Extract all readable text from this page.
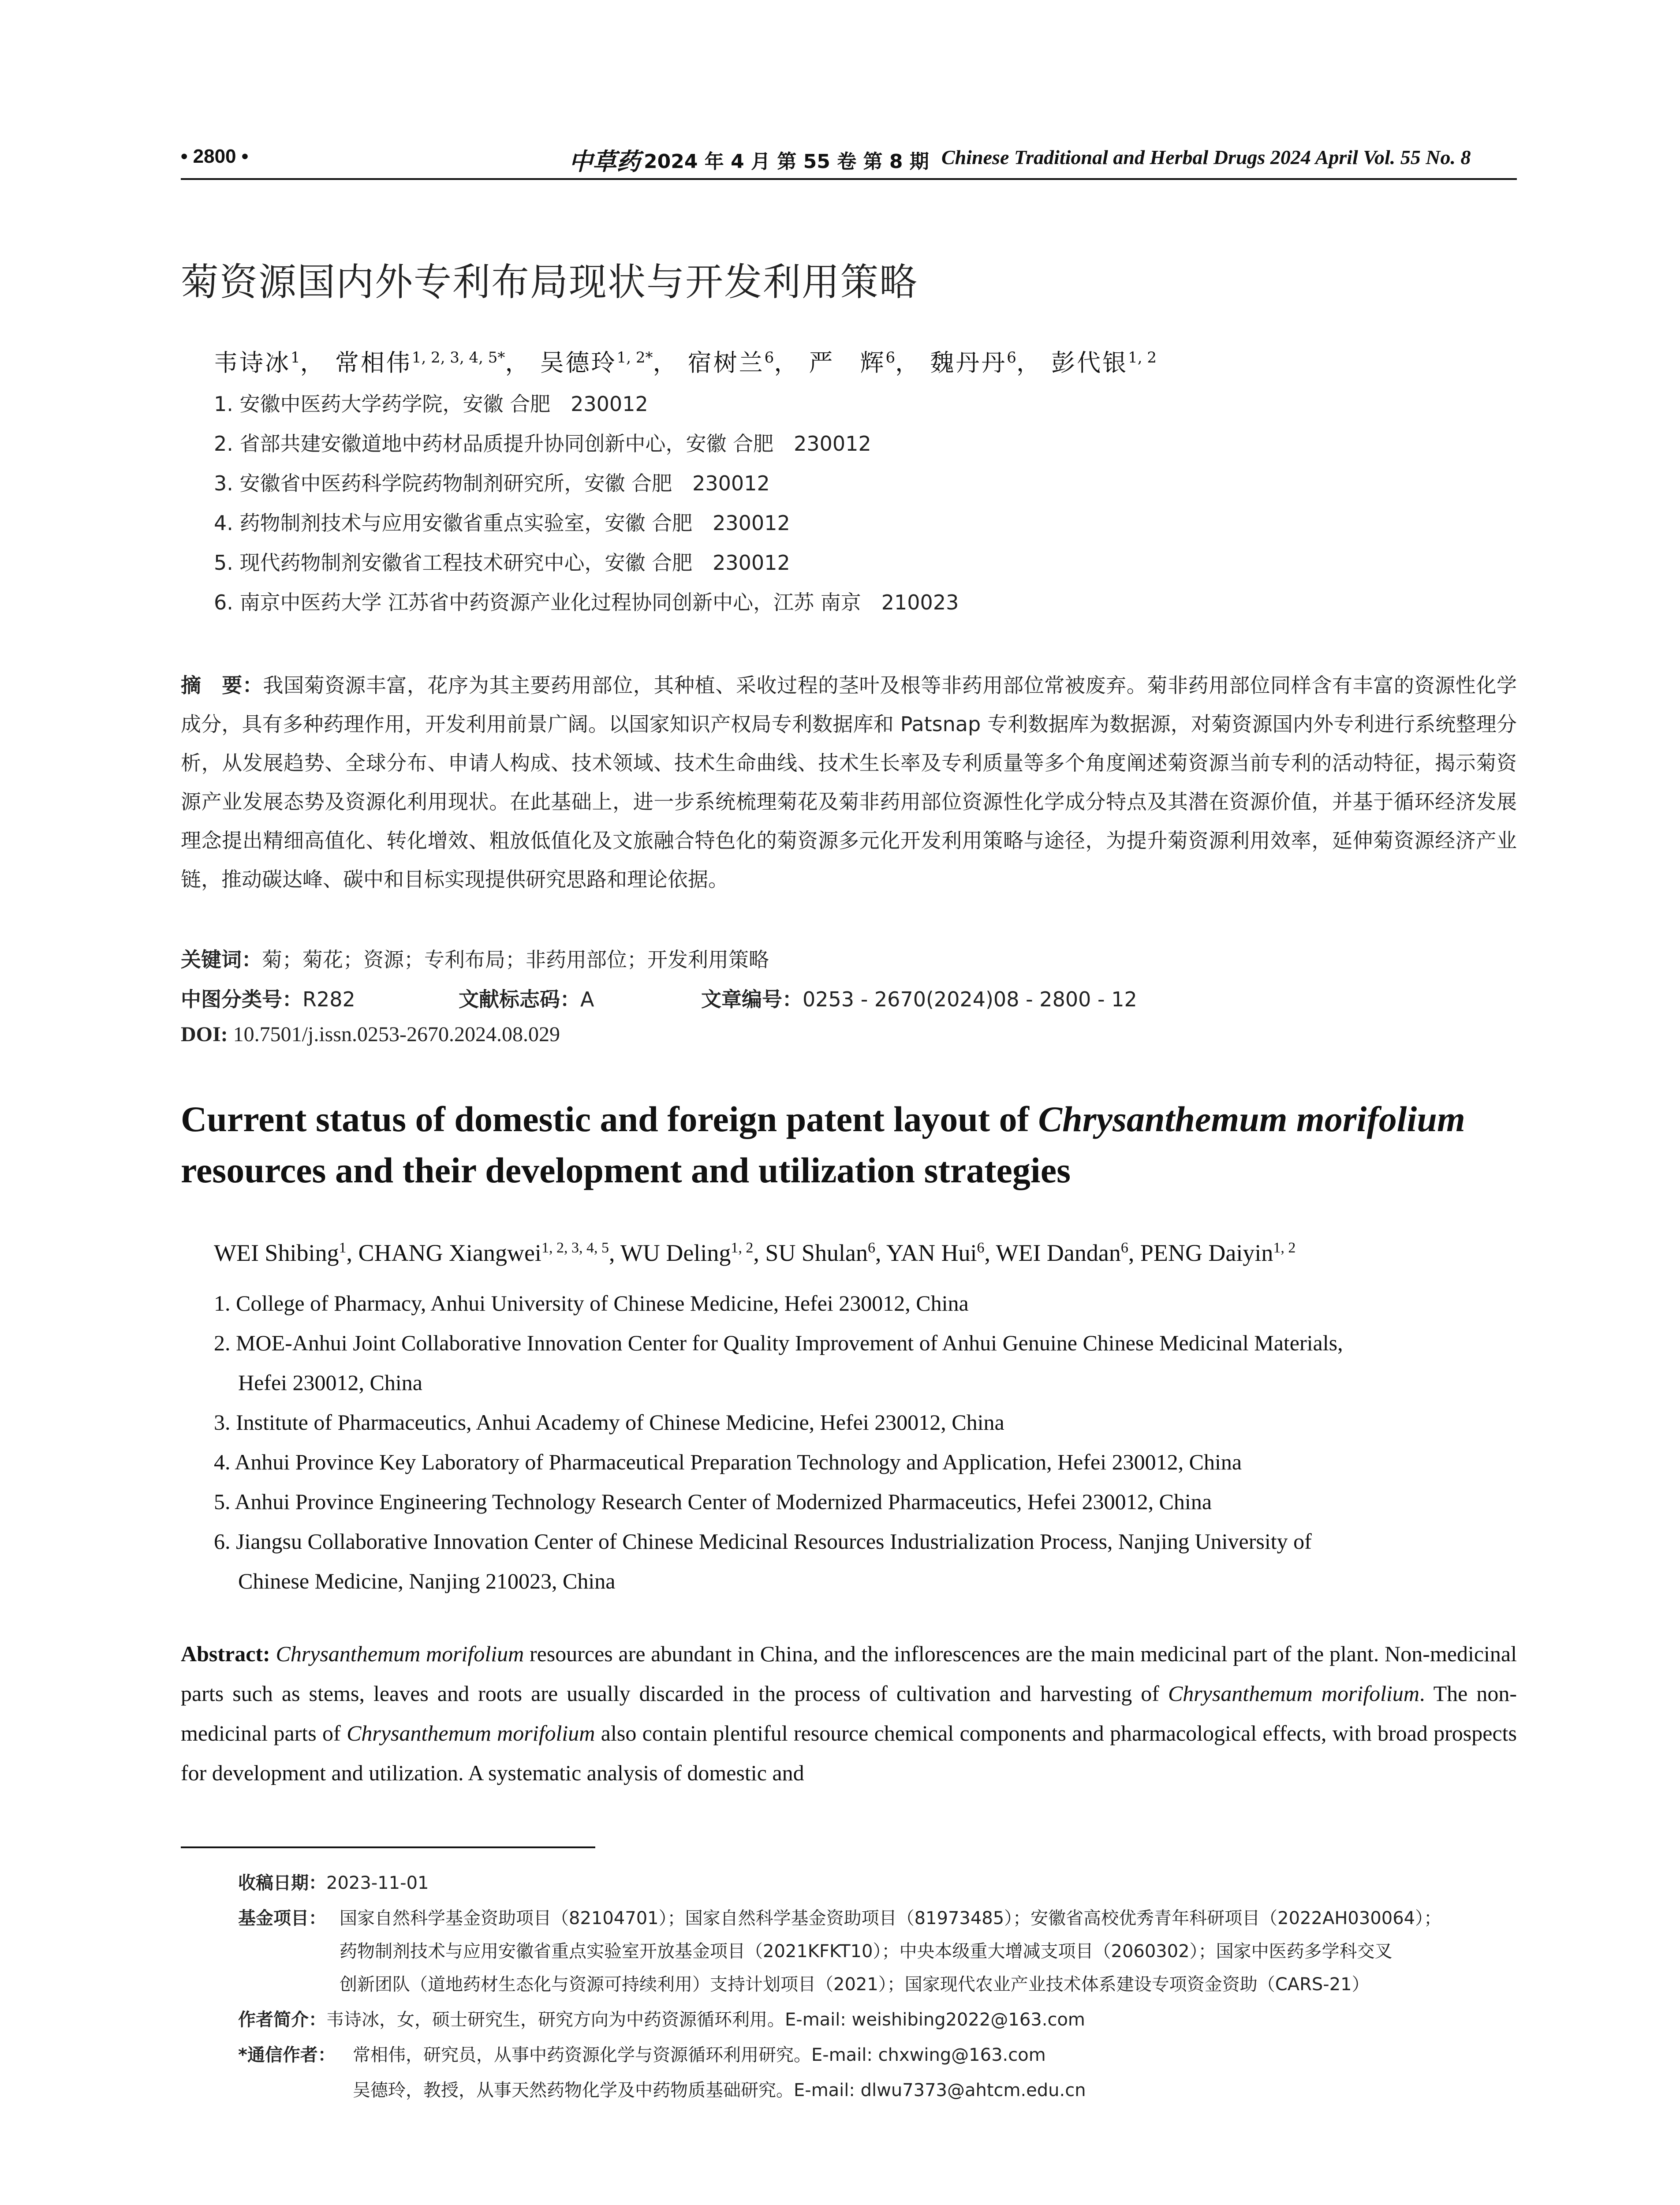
• 2800 •	中草药 2024 年 4 月 第 55 卷 第 8 期 Chinese Traditional and Herbal Drugs 2024 April Vol. 55 No. 8
菊资源国内外专利布局现状与开发利用策略
韦诗冰$^1$， 常相伟$^{1, 2, 3, 4, 5*}$， 吴德玲$^{1, 2*}$， 宿树兰$^6$， 严　辉$^6$， 魏丹丹$^6$， 彭代银$^{1, 2}$
1. 安徽中医药大学药学院，安徽 合肥　230012
2. 省部共建安徽道地中药材品质提升协同创新中心，安徽 合肥　230012
3. 安徽省中医药科学院药物制剂研究所，安徽 合肥　230012
4. 药物制剂技术与应用安徽省重点实验室，安徽 合肥　230012
5. 现代药物制剂安徽省工程技术研究中心，安徽 合肥　230012
6. 南京中医药大学 江苏省中药资源产业化过程协同创新中心，江苏 南京　210023
摘　要：我国菊资源丰富，花序为其主要药用部位，其种植、采收过程的茎叶及根等非药用部位常被废弃。菊非药用部位同样含有丰富的资源性化学成分，具有多种药理作用，开发利用前景广阔。以国家知识产权局专利数据库和 Patsnap 专利数据库为数据源，对菊资源国内外专利进行系统整理分析，从发展趋势、全球分布、申请人构成、技术领域、技术生命曲线、技术生长率及专利质量等多个角度阐述菊资源当前专利的活动特征，揭示菊资源产业发展态势及资源化利用现状。在此基础上，进一步系统梳理菊花及菊非药用部位资源性化学成分特点及其潜在资源价值，并基于循环经济发展理念提出精细高值化、转化增效、粗放低值化及文旅融合特色化的菊资源多元化开发利用策略与途径，为提升菊资源利用效率，延伸菊资源经济产业链，推动碳达峰、碳中和目标实现提供研究思路和理论依据。
关键词：菊；菊花；资源；专利布局；非药用部位；开发利用策略
中图分类号：R282	文献标志码：A	文章编号：0253 - 2670(2024)08 - 2800 - 12
DOI: 10.7501/j.issn.0253-2670.2024.08.029
Current status of domestic and foreign patent layout of Chrysanthemum morifolium resources and their development and utilization strategies
WEI Shibing$^1$, CHANG Xiangwei$^{1, 2, 3, 4, 5}$, WU Deling$^{1, 2}$, SU Shulan$^6$, YAN Hui$^6$, WEI Dandan$^6$, PENG Daiyin$^{1, 2}$
1. College of Pharmacy, Anhui University of Chinese Medicine, Hefei 230012, China
2. MOE-Anhui Joint Collaborative Innovation Center for Quality Improvement of Anhui Genuine Chinese Medicinal Materials,
Hefei 230012, China
3. Institute of Pharmaceutics, Anhui Academy of Chinese Medicine, Hefei 230012, China
4. Anhui Province Key Laboratory of Pharmaceutical Preparation Technology and Application, Hefei 230012, China
5. Anhui Province Engineering Technology Research Center of Modernized Pharmaceutics, Hefei 230012, China
6. Jiangsu Collaborative Innovation Center of Chinese Medicinal Resources Industrialization Process, Nanjing University of
Chinese Medicine, Nanjing 210023, China
Abstract: Chrysanthemum morifolium resources are abundant in China, and the inflorescences are the main medicinal part of the plant. Non-medicinal parts such as stems, leaves and roots are usually discarded in the process of cultivation and harvesting of Chrysanthemum morifolium. The non-medicinal parts of Chrysanthemum morifolium also contain plentiful resource chemical components and pharmacological effects, with broad prospects for development and utilization. A systematic analysis of domestic and
收稿日期：2023-11-01
基金项目： 国家自然科学基金资助项目（82104701）；国家自然科学基金资助项目（81973485）；安徽省高校优秀青年科研项目（2022AH030064）；
药物制剂技术与应用安徽省重点实验室开放基金项目（2021KFKT10）；中央本级重大增减支项目（2060302）；国家中医药多学科交叉
创新团队（道地药材生态化与资源可持续利用）支持计划项目（2021）；国家现代农业产业技术体系建设专项资金资助（CARS-21）
作者简介：韦诗冰，女，硕士研究生，研究方向为中药资源循环利用。E-mail: weishibing2022@163.com
*通信作者： 常相伟，研究员，从事中药资源化学与资源循环利用研究。E-mail: chxwing@163.com
吴德玲，教授，从事天然药物化学及中药物质基础研究。E-mail: dlwu7373@ahtcm.edu.cn
